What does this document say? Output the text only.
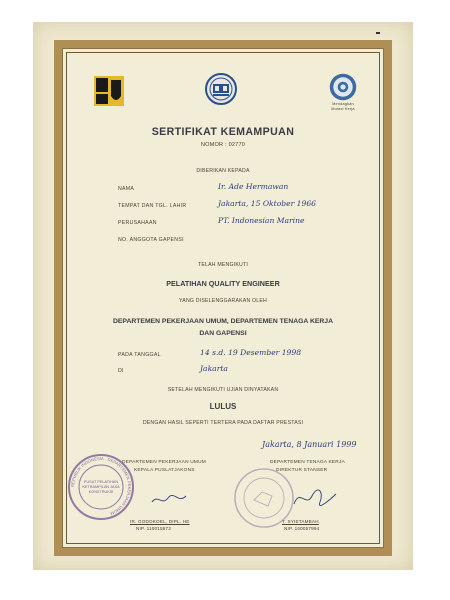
Mendagkan
Mutasi Kerja
SERTIFIKAT KEMAMPUAN
NOMOR : 02770
DIBERIKAN KEPADA
NAMA	Ir. Ade Hermawan
TEMPAT DAN TGL. LAHIR	Jakarta, 15 Oktober 1966
PERUSAHAAN	PT. Indonesian Marine
NO. ANGGOTA GAPENSI
TELAH MENGIKUTI
PELATIHAN QUALITY ENGINEER
YANG DISELENGGARAKAN OLEH
DEPARTEMEN PEKERJAAN UMUM, DEPARTEMEN TENAGA KERJA
DAN GAPENSI
PADA TANGGAL	14 s.d. 19 Desember 1998
DI	Jakarta
SETELAH MENGIKUTI UJIAN DINYATAKAN
LULUS
DENGAN HASIL SEPERTI TERTERA PADA DAFTAR PRESTASI
Jakarta, 8 Januari 1999
DEPARTEMEN PEKERJAAN UMUM
KEPALA PUSLATJAKONS
IR. GODOKOEL, DIPL. HE
NIP. 110015672
DEPARTEMEN TENAGA KERJA
DIREKTUR STANSER
T. SYIETAMBAH
NIP. 160057994
REPUBLIK INDONESIA · DEPARTEMEN PEKERJAAN UMUM
PUSAT PELATIHAN
KETRAMPILAN JASA
KONSTRUKSI
